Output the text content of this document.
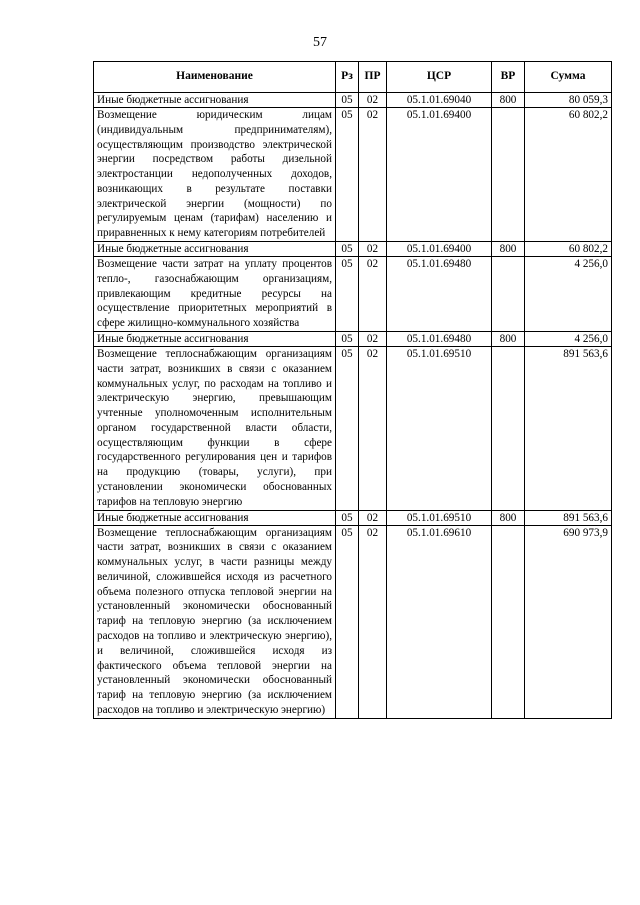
57
Наименование	Рз	ПР	ЦСР	ВР	Сумма
Иные бюджетные ассигнования	05	02	05.1.01.69040	800	80 059,3
Возмещение юридическим лицам (индивидуальным предпринимателям), осуществляющим производство электрической энергии посредством работы дизельной электростанции недополученных доходов, возникающих в результате поставки электрической энергии (мощности) по регулируемым ценам (тарифам) населению и приравненных к нему категориям потребителей	05	02	05.1.01.69400		60 802,2
Иные бюджетные ассигнования	05	02	05.1.01.69400	800	60 802,2
Возмещение части затрат на уплату процентов тепло-, газоснабжающим организациям, привлекающим кредитные ресурсы на осуществление приоритетных мероприятий в сфере жилищно-коммунального хозяйства	05	02	05.1.01.69480		4 256,0
Иные бюджетные ассигнования	05	02	05.1.01.69480	800	4 256,0
Возмещение теплоснабжающим организациям части затрат, возникших в связи с оказанием коммунальных услуг, по расходам на топливо и электрическую энергию, превышающим учтенные уполномоченным исполнительным органом государственной власти области, осуществляющим функции в сфере государственного регулирования цен и тарифов на продукцию (товары, услуги), при установлении экономически обоснованных тарифов на тепловую энергию	05	02	05.1.01.69510		891 563,6
Иные бюджетные ассигнования	05	02	05.1.01.69510	800	891 563,6
Возмещение теплоснабжающим организациям части затрат, возникших в связи с оказанием коммунальных услуг, в части разницы между величиной, сложившейся исходя из расчетного объема полезного отпуска тепловой энергии на установленный экономически обоснованный тариф на тепловую энергию (за исключением расходов на топливо и электрическую энергию), и величиной, сложившейся исходя из фактического объема тепловой энергии на установленный экономически обоснованный тариф на тепловую энергию (за исключением расходов на топливо и электрическую энергию)	05	02	05.1.01.69610		690 973,9
